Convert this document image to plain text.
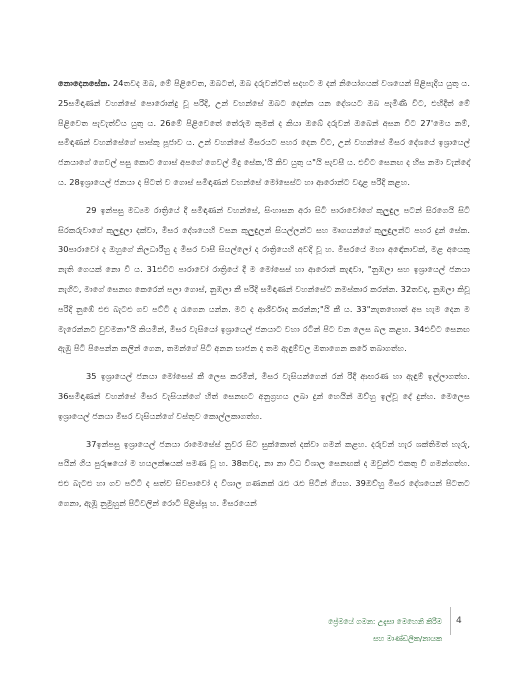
නොදෙනසේක. 24තවද ඔබ, මේ පිළිවෙත, ඔබටත්, ඔබ දරුවන්ටත් සදහට ම දන් නියෝගයක් වශයෙන් පිළිපැදිය යුතු ය. 25සමිඳාණන් වහන්සේ පොරොන්දු වූ පරිදි, උන් වහන්සේ ඔබට දෙන්න යන දේශයට ඔබ පැමිණි විට, එහිදීත් මේ පිළිවෙත පැවැත්විය යුතු ය. 26මේ පිළිවෙතේ තේරුම කුමක් ද කියා ඔබේ දරුවන් ඔබෙන් අසන විට 27'මෙය නම්, සමිඳාණන් වහන්සේගේ පාස්කු පූජාව ය. උන් වහන්සේ මිසරයට පහර දෙන විට, උන් වහන්සේ මිසර දේශයේ ඉශ්‍රායෙල් ජනයාගේ ගෙවල් පසු කොට ගොස් අපගේ ගෙවල් මිදු සේක,'යි කිව යුතු ය"යි පැවසී ය. එවිට සෙනඟ ද හිස නමා වැන්දෝ ය. 28ඉශ්‍රායෙල් ජනයා ද පිටත් ව ගොස් සමිඳාණන් වහන්සේ මෝසෙස්ට හා ආරොන්ට වදාළ පරිදි කළහ.

29 ඉන්පසු මධ්‍යම රාත්‍රියේ දී සමිඳාණන් වහන්සේ, සිංහාසන අරා සිටි පාරාවෝගේ කුලුඳුල පටන් සිරගෙයි සිටි සිරකරුවාගේ කුලුඳුලා දක්වා, මිසර දේශයෙහි වසන කුලුඳුලන් සියල්ලන්ට සහ මෘගයන්ගේ කුලුඳුලන්ට පහර දුන් සේක. 30පාරාවෝ ද ඔහුගේ නිලධාරීහු ද මිසර වාසී සියල්ලෝ ද රාත්‍රියෙහි අවදි වූ හ. මිසරයේ මහා අඳෝනාවක්, මළ අයෙකු නැති ගෙයක් නො වී ය. 31එවිට පාරාවෝ රාත්‍රියේ දී ම මෝසෙස් හා ආරොන් කැඳවා, "නුඹලා සහ ඉශ්‍රායෙල් ජනයා නැගිට, මාගේ සෙනඟ කෙරෙන් පලා ගොස්, නුඹලා කී පරිදි සමිඳාණන් වහන්සේට නමස්කාර කරන්න. 32තවද, නුඹලා කිවූ පරිදි නුඹේ එළු බැටළු ගව පට්ටි ද රැගෙන යන්න. මට ද ආශීර්වාද කරන්න;"යි කී ය. 33"නැතහොත් අප හැම දෙන ම මැරෙන්නට වුවමනා"යි කියමින්, මිසර වැසියෝ ඉශ්‍රායෙල් ජනයාට වහා රටින් පිට වන ලෙස බල කළහ. 34එවිට සෙනඟ ඇඹු පිටි පිපෙන්න කලින් ගෙන, තමන්ගේ පිටි අනන භාජන ද තම ඇඳුම්වල ඔතාගෙන කරේ තබාගත්හ.

35 ඉශ්‍රායෙල් ජනයා මෝසෙස් කී ලෙස කරමින්, මිසර වැසියන්ගෙන් රන් රිදී ආභරණ හා ඇඳුම් ඉල්ලාගත්හ. 36සමිඳාණන් වහන්සේ මිසර වැසියන්ගේ හිත් සෙනඟට අනුග්‍රහය ලබා දුන් හෙයින් ඔව්හු ඉල්වූ දේ දුන්හ. මෙලෙස ඉශ්‍රායෙල් ජනයා මිසර වැසියන්ගේ වස්තුව කොල්ලකාගත්හ.

37ඉන්පසු ඉශ්‍රායෙල් ජනයා රාමෙසේස් නුවර සිට සුක්කොත් දක්වා ගමන් කළහ. දරුවන් හැර ශක්තිමත් හැරු, පයින් ගිය පුරුෂයෝ ම හයලක්ෂයක් පමණ වූ හ. 38තවද, නා නා විධ විශාල සෙනඟක් ද ඔවුන්ට එකතු වී ගමන්ගත්හ. එළු බැටළු හා ගව පට්ටි ද සත්ව සිවපාවෝ ද විශාල ගණනක් රැළු රැළු පිටින් ගියහ. 39ඔව්හු මිසර දේශයෙන් පිටතට ගෙනා, ඇඹූ නුමුහුන් පිටිවලින් රොටි පිළිස්සූ හ. මිසරයෙන්

ප්‍රේමයේ ගමන: උදැසා මෙහෙනි කිරීම
සහ මාණ්ඩලික/නායක
4
